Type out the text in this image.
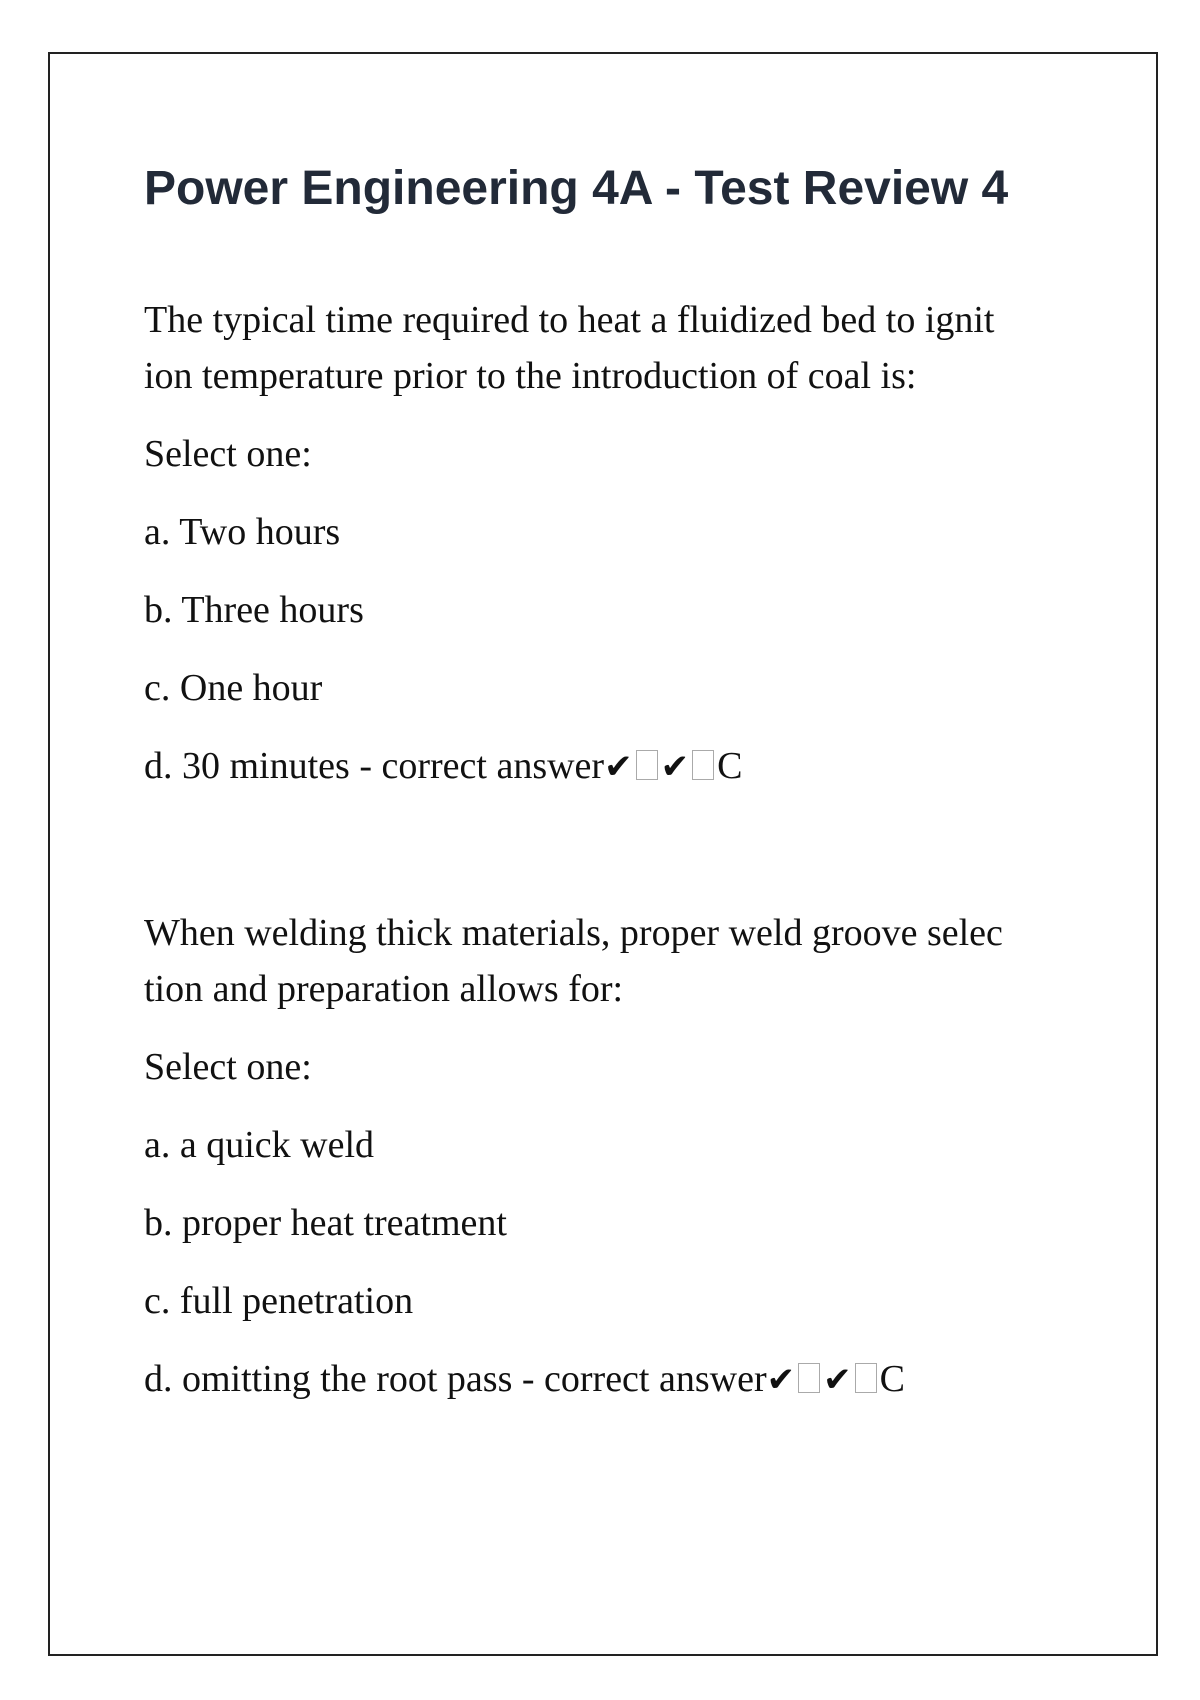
Power Engineering 4A - Test Review 4

The typical time required to heat a fluidized bed to ignit
ion temperature prior to the introduction of coal is:

Select one:

a. Two hours

b. Three hours

c. One hour

d. 30 minutes - correct answer✔ ✔ C

When welding thick materials, proper weld groove selec
tion and preparation allows for:

Select one:

a. a quick weld

b. proper heat treatment

c. full penetration

d. omitting the root pass - correct answer✔ ✔ C
